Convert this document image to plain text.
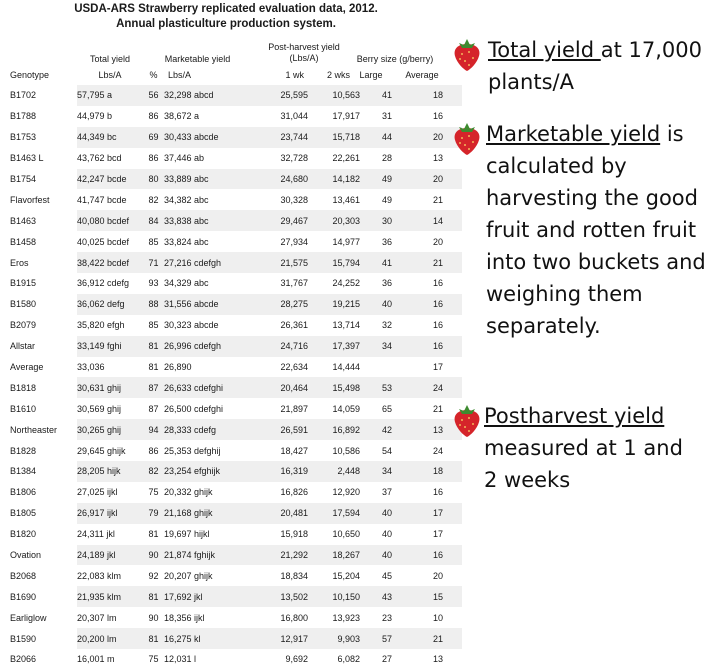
USDA-ARS Strawberry replicated evaluation data, 2012.
Annual plasticulture production system.
Total yield	Marketable yield
Post-harvest yield
(Lbs/A)	Berry size (g/berry)
Genotype	Lbs/A	%	Lbs/A	1 wk	2 wks	Large	Average
B1702	57,795 a	56	32,298 abcd	25,595	10,563	41	18
B1788	44,979 b	86	38,672 a	31,044	17,917	31	16
B1753	44,349 bc	69	30,433 abcde	23,744	15,718	44	20
B1463 L	43,762 bcd	86	37,446 ab	32,728	22,261	28	13
B1754	42,247 bcde	80	33,889 abc	24,680	14,182	49	20
Flavorfest	41,747 bcde	82	34,382 abc	30,328	13,461	49	21
B1463	40,080 bcdef	84	33,838 abc	29,467	20,303	30	14
B1458	40,025 bcdef	85	33,824 abc	27,934	14,977	36	20
Eros	38,422 bcdef	71	27,216 cdefgh	21,575	15,794	41	21
B1915	36,912 cdefg	93	34,329 abc	31,767	24,252	36	16
B1580	36,062 defg	88	31,556 abcde	28,275	19,215	40	16
B2079	35,820 efgh	85	30,323 abcde	26,361	13,714	32	16
Allstar	33,149 fghi	81	26,996 cdefgh	24,716	17,397	34	16
Average	33,036	81	26,890	22,634	14,444		17
B1818	30,631 ghij	87	26,633 cdefghi	20,464	15,498	53	24
B1610	30,569 ghij	87	26,500 cdefghi	21,897	14,059	65	21
Northeaster	30,265 ghij	94	28,333 cdefg	26,591	16,892	42	13
B1828	29,645 ghijk	86	25,353 defghij	18,427	10,586	54	24
B1384	28,205 hijk	82	23,254 efghijk	16,319	2,448	34	18
B1806	27,025 ijkl	75	20,332 ghijk	16,826	12,920	37	16
B1805	26,917 ijkl	79	21,168 ghijk	20,481	17,594	40	17
B1820	24,311 jkl	81	19,697 hijkl	15,918	10,650	40	17
Ovation	24,189 jkl	90	21,874 fghijk	21,292	18,267	40	16
B2068	22,083 klm	92	20,207 ghijk	18,834	15,204	45	20
B1690	21,935 klm	81	17,692 jkl	13,502	10,150	43	15
Earliglow	20,307 lm	90	18,356 ijkl	16,800	13,923	23	10
B1590	20,200 lm	81	16,275 kl	12,917	9,903	57	21
B2066	16,001 m	75	12,031 l	9,692	6,082	27	13
Total yield at 17,000 plants/A
Marketable yield is calculated by harvesting the good fruit and rotten fruit into two buckets and weighing them separately.
Postharvest yield measured at 1 and 2 weeks
